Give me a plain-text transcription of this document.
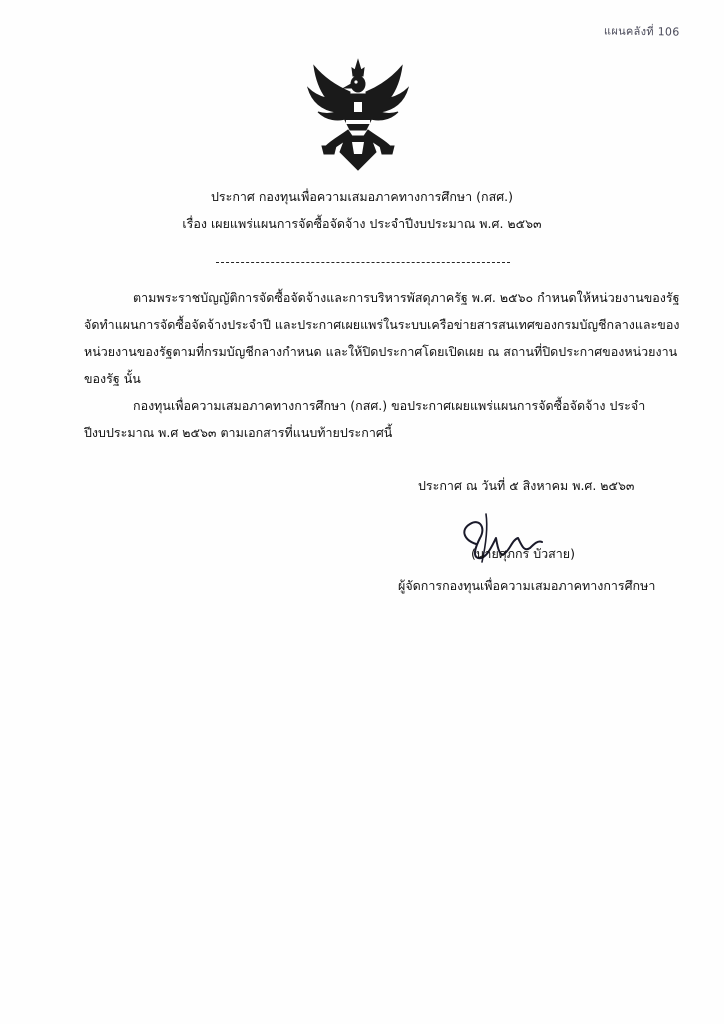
แผนคลังที่ 106
ประกาศ กองทุนเพื่อความเสมอภาคทางการศึกษา (กสศ.)
เรื่อง เผยแพร่แผนการจัดซื้อจัดจ้าง ประจำปีงบประมาณ พ.ศ. ๒๕๖๓
ตามพระราชบัญญัติการจัดซื้อจัดจ้างและการบริหารพัสดุภาครัฐ พ.ศ. ๒๕๖๐ กำหนดให้หน่วยงานของรัฐ
จัดทำแผนการจัดซื้อจัดจ้างประจำปี และประกาศเผยแพร่ในระบบเครือข่ายสารสนเทศของกรมบัญชีกลางและของ
หน่วยงานของรัฐตามที่กรมบัญชีกลางกำหนด และให้ปิดประกาศโดยเปิดเผย ณ สถานที่ปิดประกาศของหน่วยงาน
ของรัฐ นั้น
กองทุนเพื่อความเสมอภาคทางการศึกษา (กสศ.) ขอประกาศเผยแพร่แผนการจัดซื้อจัดจ้าง ประจำ
ปีงบประมาณ พ.ศ ๒๕๖๓ ตามเอกสารที่แนบท้ายประกาศนี้
ประกาศ ณ วันที่ ๕ สิงหาคม พ.ศ. ๒๕๖๓
(นายศุภกร บัวสาย)
ผู้จัดการกองทุนเพื่อความเสมอภาคทางการศึกษา
